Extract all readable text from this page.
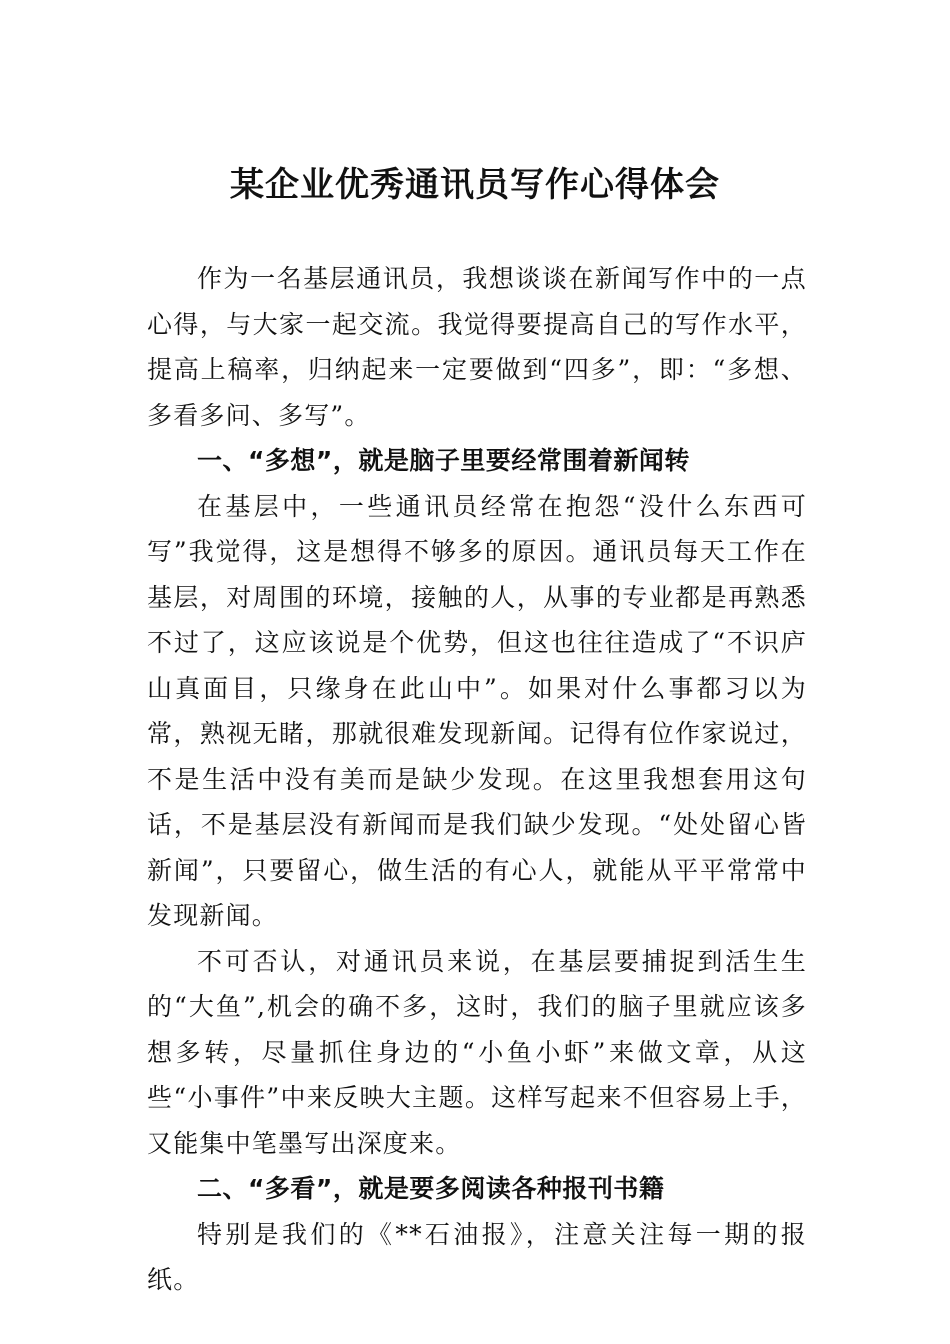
某企业优秀通讯员写作心得体会

作为一名基层通讯员，我想谈谈在新闻写作中的一点心得，与大家一起交流。我觉得要提高自己的写作水平，提高上稿率，归纳起来一定要做到“四多”，即：“多想、多看多问、多写”。

一、“多想”，就是脑子里要经常围着新闻转

在基层中，一些通讯员经常在抱怨“没什么东西可写”我觉得，这是想得不够多的原因。通讯员每天工作在基层，对周围的环境，接触的人，从事的专业都是再熟悉不过了，这应该说是个优势，但这也往往造成了“不识庐山真面目，只缘身在此山中”。如果对什么事都习以为常，熟视无睹，那就很难发现新闻。记得有位作家说过，不是生活中没有美而是缺少发现。在这里我想套用这句话，不是基层没有新闻而是我们缺少发现。“处处留心皆新闻”，只要留心，做生活的有心人，就能从平平常常中发现新闻。

不可否认，对通讯员来说，在基层要捕捉到活生生的“大鱼”,机会的确不多，这时，我们的脑子里就应该多想多转，尽量抓住身边的“小鱼小虾”来做文章，从这些“小事件”中来反映大主题。这样写起来不但容易上手，又能集中笔墨写出深度来。

二、“多看”，就是要多阅读各种报刊书籍

特别是我们的《**石油报》，注意关注每一期的报纸。
